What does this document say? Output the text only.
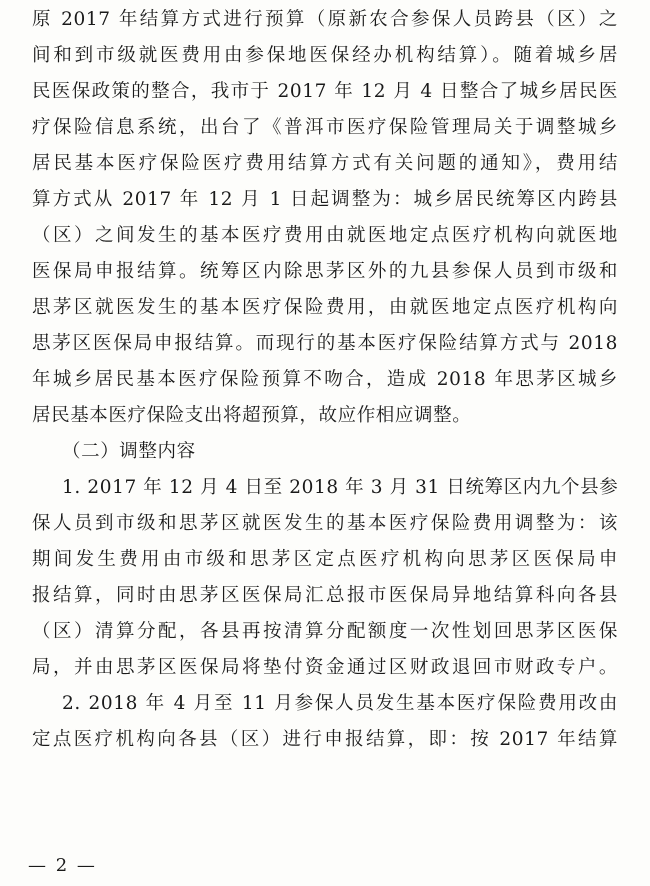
原 2017 年结算方式进行预算（原新农合参保人员跨县（区）之
间和到市级就医费用由参保地医保经办机构结算）。随着城乡居
民医保政策的整合，我市于 2017 年 12 月 4 日整合了城乡居民医
疗保险信息系统，出台了《普洱市医疗保险管理局关于调整城乡
居民基本医疗保险医疗费用结算方式有关问题的通知》，费用结
算方式从 2017 年 12 月 1 日起调整为：城乡居民统筹区内跨县
（区）之间发生的基本医疗费用由就医地定点医疗机构向就医地
医保局申报结算。统筹区内除思茅区外的九县参保人员到市级和
思茅区就医发生的基本医疗保险费用，由就医地定点医疗机构向
思茅区医保局申报结算。而现行的基本医疗保险结算方式与 2018
年城乡居民基本医疗保险预算不吻合，造成 2018 年思茅区城乡
居民基本医疗保险支出将超预算，故应作相应调整。
（二）调整内容
1. 2017 年 12 月 4 日至 2018 年 3 月 31 日统筹区内九个县参
保人员到市级和思茅区就医发生的基本医疗保险费用调整为：该
期间发生费用由市级和思茅区定点医疗机构向思茅区医保局申
报结算，同时由思茅区医保局汇总报市医保局异地结算科向各县
（区）清算分配，各县再按清算分配额度一次性划回思茅区医保
局，并由思茅区医保局将垫付资金通过区财政退回市财政专户。
2. 2018 年 4 月至 11 月参保人员发生基本医疗保险费用改由
定点医疗机构向各县（区）进行申报结算，即：按 2017 年结算
— 2 —
